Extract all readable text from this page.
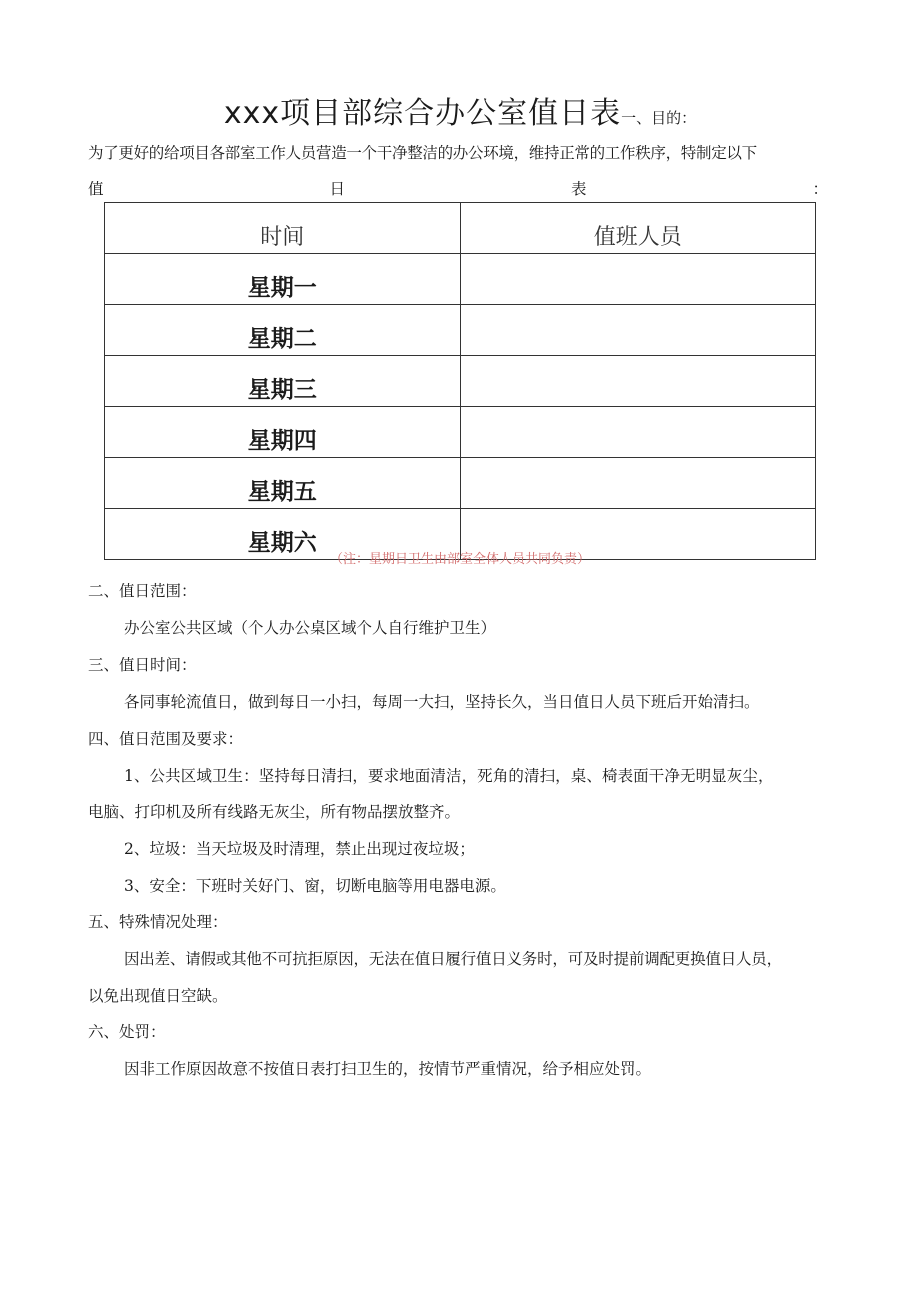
xxx项目部综合办公室值日表一、目的：
为了更好的给项目各部室工作人员营造一个干净整洁的办公环境，维持正常的工作秩序，特制定以下
值	日	表	：
时间	值班人员
星期一	
星期二	
星期三	
星期四	
星期五	
星期六	
（注：星期日卫生由部室全体人员共同负责）
二、值日范围：
办公室公共区域（个人办公桌区域个人自行维护卫生）
三、值日时间：
各同事轮流值日，做到每日一小扫，每周一大扫，坚持长久，当日值日人员下班后开始清扫。
四、值日范围及要求：
1、公共区域卫生：坚持每日清扫，要求地面清洁，死角的清扫，桌、椅表面干净无明显灰尘，
电脑、打印机及所有线路无灰尘，所有物品摆放整齐。
2、垃圾：当天垃圾及时清理，禁止出现过夜垃圾；
3、安全：下班时关好门、窗，切断电脑等用电器电源。
五、特殊情况处理：
因出差、请假或其他不可抗拒原因，无法在值日履行值日义务时，可及时提前调配更换值日人员，
以免出现值日空缺。
六、处罚：
因非工作原因故意不按值日表打扫卫生的，按情节严重情况，给予相应处罚。
